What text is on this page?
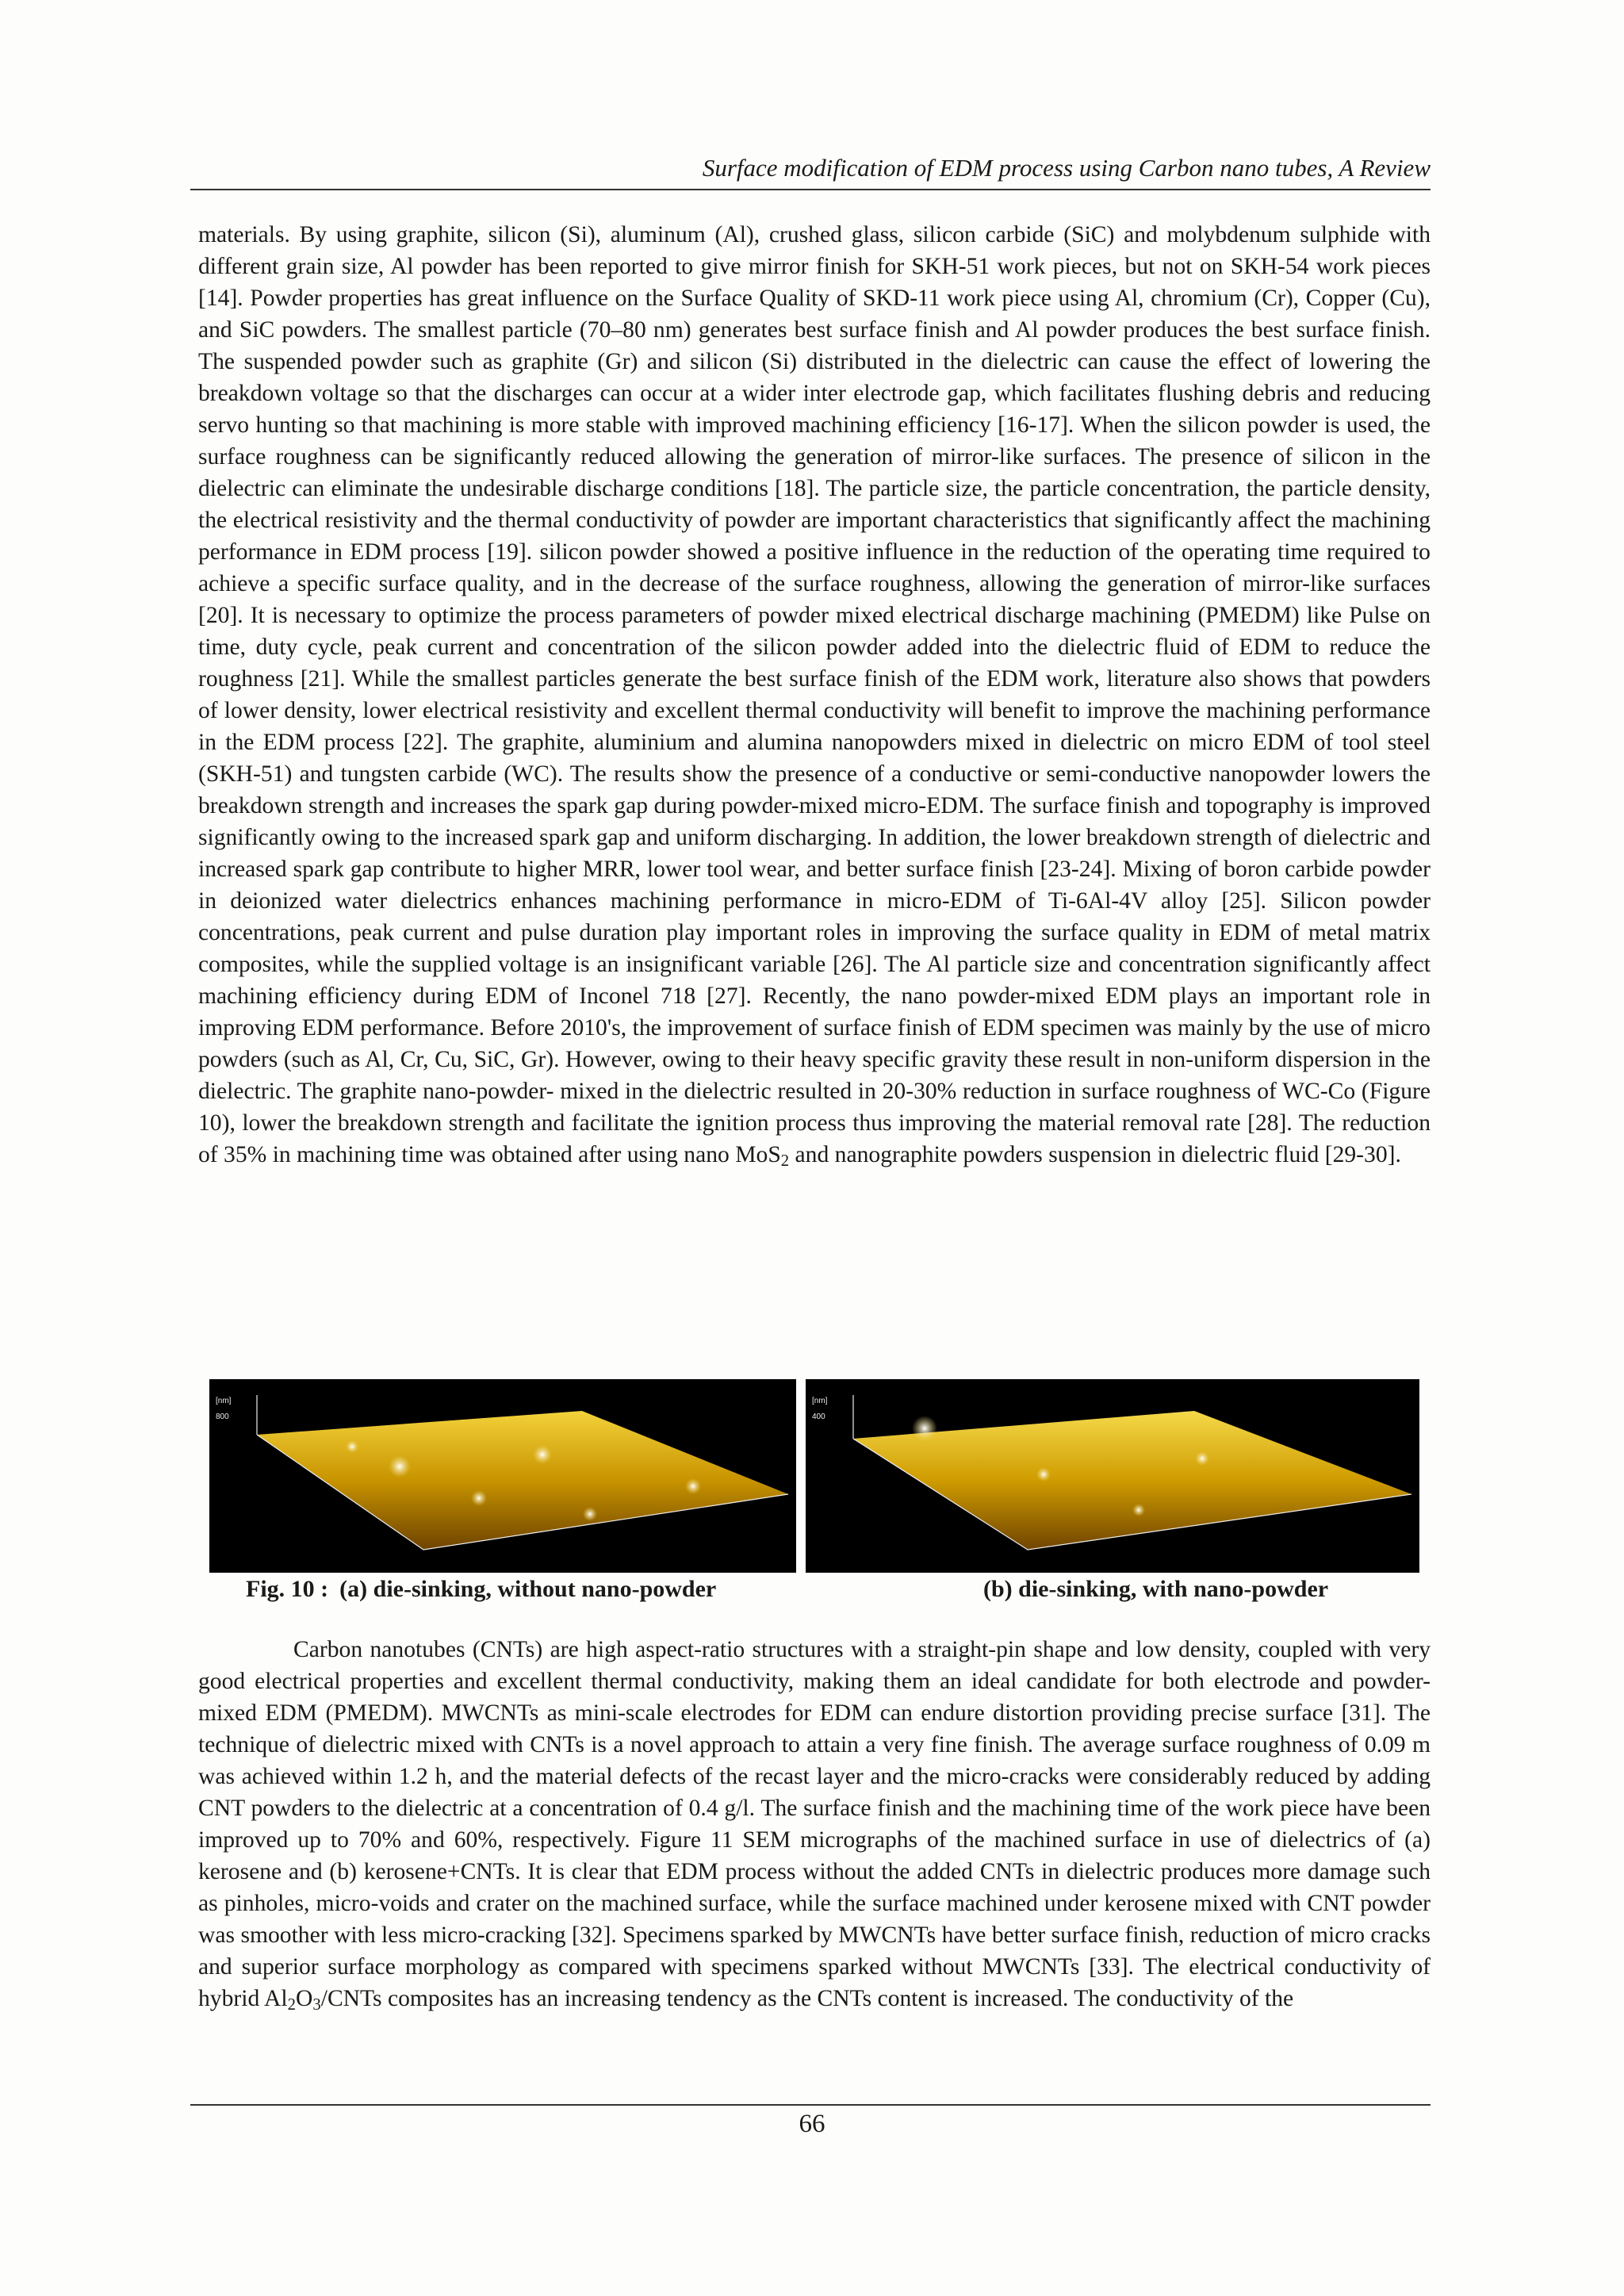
Surface modification of EDM process using Carbon nano tubes, A Review
materials. By using graphite, silicon (Si), aluminum (Al), crushed glass, silicon carbide (SiC) and molybdenum sulphide with different grain size, Al powder has been reported to give mirror finish for SKH-51 work pieces, but not on SKH-54 work pieces [14]. Powder properties has great influence on the Surface Quality of SKD-11 work piece using Al, chromium (Cr), Copper (Cu), and SiC powders. The smallest particle (70–80 nm) generates best surface finish and Al powder produces the best surface finish. The suspended powder such as graphite (Gr) and silicon (Si) distributed in the dielectric can cause the effect of lowering the breakdown voltage so that the discharges can occur at a wider inter electrode gap, which facilitates flushing debris and reducing servo hunting so that machining is more stable with improved machining efficiency [16-17]. When the silicon powder is used, the surface roughness can be significantly reduced allowing the generation of mirror-like surfaces. The presence of silicon in the dielectric can eliminate the undesirable discharge conditions [18]. The particle size, the particle concentration, the particle density, the electrical resistivity and the thermal conductivity of powder are important characteristics that significantly affect the machining performance in EDM process [19]. silicon powder showed a positive influence in the reduction of the operating time required to achieve a specific surface quality, and in the decrease of the surface roughness, allowing the generation of mirror-like surfaces [20]. It is necessary to optimize the process parameters of powder mixed electrical discharge machining (PMEDM) like Pulse on time, duty cycle, peak current and concentration of the silicon powder added into the dielectric fluid of EDM to reduce the roughness [21]. While the smallest particles generate the best surface finish of the EDM work, literature also shows that powders of lower density, lower electrical resistivity and excellent thermal conductivity will benefit to improve the machining performance in the EDM process [22]. The graphite, aluminium and alumina nanopowders mixed in dielectric on micro EDM of tool steel (SKH-51) and tungsten carbide (WC). The results show the presence of a conductive or semi-conductive nanopowder lowers the breakdown strength and increases the spark gap during powder-mixed micro-EDM. The surface finish and topography is improved significantly owing to the increased spark gap and uniform discharging. In addition, the lower breakdown strength of dielectric and increased spark gap contribute to higher MRR, lower tool wear, and better surface finish [23-24]. Mixing of boron carbide powder in deionized water dielectrics enhances machining performance in micro-EDM of Ti-6Al-4V alloy [25]. Silicon powder concentrations, peak current and pulse duration play important roles in improving the surface quality in EDM of metal matrix composites, while the supplied voltage is an insignificant variable [26]. The Al particle size and concentration significantly affect machining efficiency during EDM of Inconel 718 [27]. Recently, the nano powder-mixed EDM plays an important role in improving EDM performance. Before 2010's, the improvement of surface finish of EDM specimen was mainly by the use of micro powders (such as Al, Cr, Cu, SiC, Gr). However, owing to their heavy specific gravity these result in non-uniform dispersion in the dielectric. The graphite nano-powder- mixed in the dielectric resulted in 20-30% reduction in surface roughness of WC-Co (Figure 10), lower the breakdown strength and facilitate the ignition process thus improving the material removal rate [28]. The reduction of 35% in machining time was obtained after using nano MoS$_2$ and nanographite powders suspension in dielectric fluid [29-30].
[nm]
800
[nm]
400
Fig. 10 : (a) die-sinking, without nano-powder	(b) die-sinking, with nano-powder
Carbon nanotubes (CNTs) are high aspect-ratio structures with a straight-pin shape and low density, coupled with very good electrical properties and excellent thermal conductivity, making them an ideal candidate for both electrode and powder-mixed EDM (PMEDM). MWCNTs as mini-scale electrodes for EDM can endure distortion providing precise surface [31]. The technique of dielectric mixed with CNTs is a novel approach to attain a very fine finish. The average surface roughness of 0.09 m was achieved within 1.2 h, and the material defects of the recast layer and the micro-cracks were considerably reduced by adding CNT powders to the dielectric at a concentration of 0.4 g/l. The surface finish and the machining time of the work piece have been improved up to 70% and 60%, respectively. Figure 11 SEM micrographs of the machined surface in use of dielectrics of (a) kerosene and (b) kerosene+CNTs. It is clear that EDM process without the added CNTs in dielectric produces more damage such as pinholes, micro-voids and crater on the machined surface, while the surface machined under kerosene mixed with CNT powder was smoother with less micro-cracking [32]. Specimens sparked by MWCNTs have better surface finish, reduction of micro cracks and superior surface morphology as compared with specimens sparked without MWCNTs [33]. The electrical conductivity of hybrid $Al_2O_3$/CNTs composites has an increasing tendency as the CNTs content is increased. The conductivity of the
66
